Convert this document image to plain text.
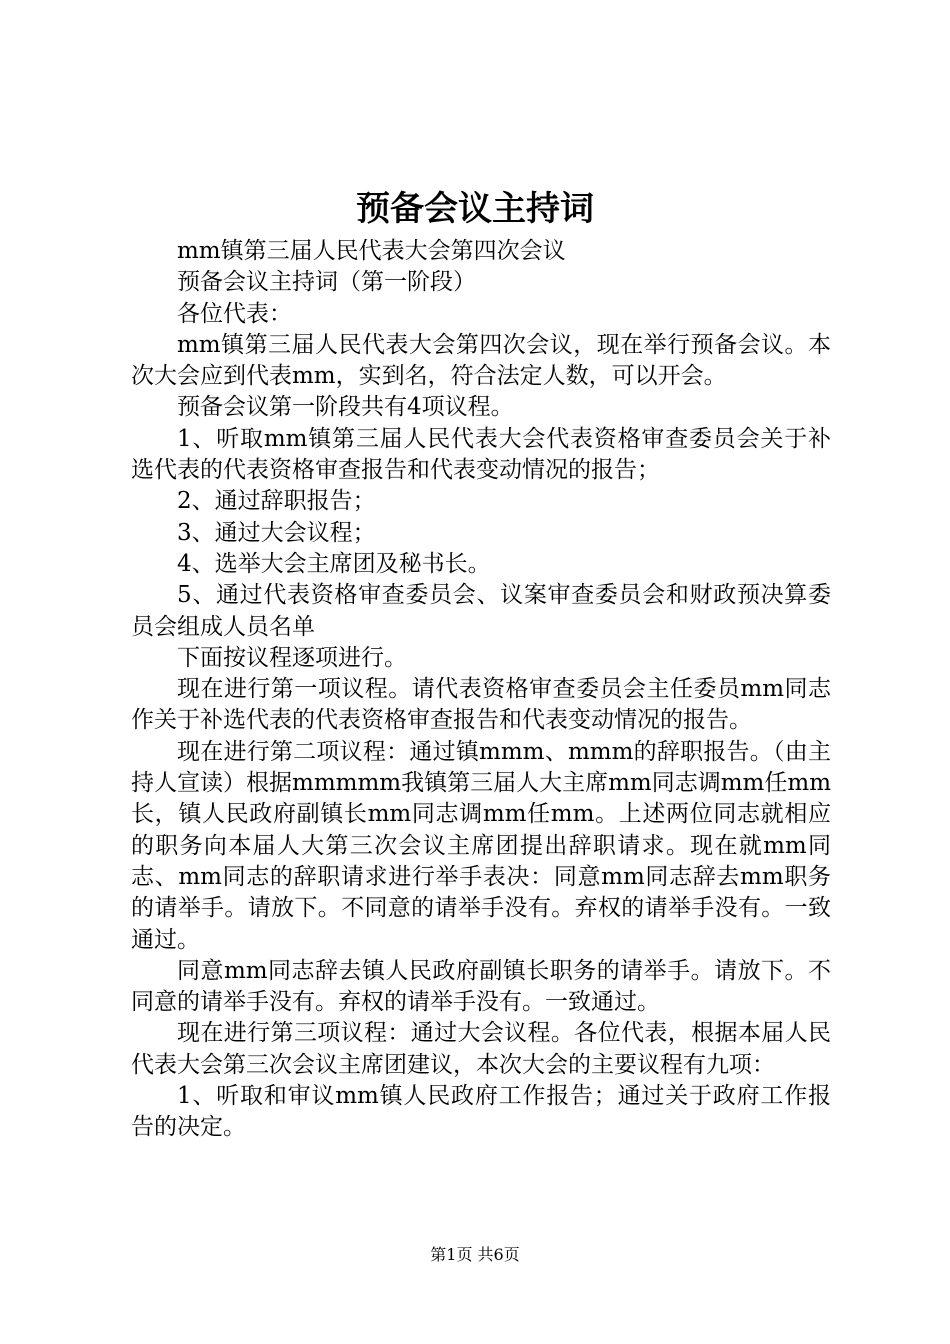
预备会议主持词

mm镇第三届人民代表大会第四次会议

预备会议主持词（第一阶段）

各位代表：

mm镇第三届人民代表大会第四次会议，现在举行预备会议。本次大会应到代表mm，实到名，符合法定人数，可以开会。

预备会议第一阶段共有4项议程。

1、听取mm镇第三届人民代表大会代表资格审查委员会关于补选代表的代表资格审查报告和代表变动情况的报告；

2、通过辞职报告；

3、通过大会议程；

4、选举大会主席团及秘书长。

5、通过代表资格审查委员会、议案审查委员会和财政预决算委员会组成人员名单

下面按议程逐项进行。

现在进行第一项议程。请代表资格审查委员会主任委员mm同志作关于补选代表的代表资格审查报告和代表变动情况的报告。

现在进行第二项议程：通过镇mmm、mmm的辞职报告。（由主持人宣读）根据mmmmm我镇第三届人大主席mm同志调mm任mm长，镇人民政府副镇长mm同志调mm任mm。上述两位同志就相应的职务向本届人大第三次会议主席团提出辞职请求。现在就mm同志、mm同志的辞职请求进行举手表决：同意mm同志辞去mm职务的请举手。请放下。不同意的请举手没有。弃权的请举手没有。一致通过。

同意mm同志辞去镇人民政府副镇长职务的请举手。请放下。不同意的请举手没有。弃权的请举手没有。一致通过。

现在进行第三项议程：通过大会议程。各位代表，根据本届人民代表大会第三次会议主席团建议，本次大会的主要议程有九项：

1、听取和审议mm镇人民政府工作报告；通过关于政府工作报告的决定。

第1页 共6页
